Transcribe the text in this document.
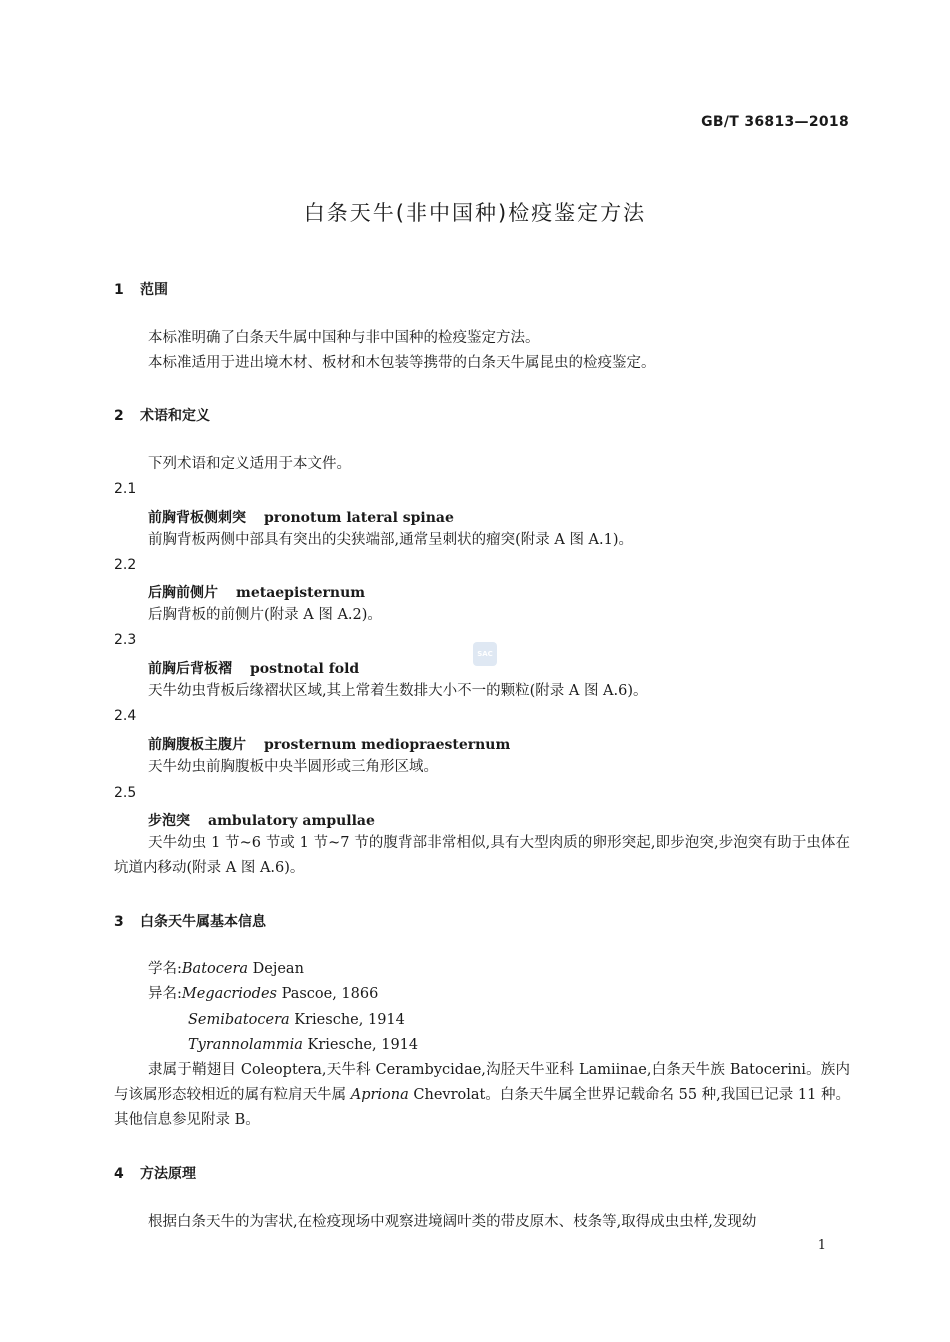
GB/T 36813—2018
白条天牛(非中国种)检疫鉴定方法
SAC
1 范围
本标准明确了白条天牛属中国种与非中国种的检疫鉴定方法。
本标准适用于进出境木材、板材和木包装等携带的白条天牛属昆虫的检疫鉴定。
2 术语和定义
下列术语和定义适用于本文件。
2.1
前胸背板侧刺突 pronotum lateral spinae
前胸背板两侧中部具有突出的尖狭端部,通常呈刺状的瘤突(附录 A 图 A.1)。
2.2
后胸前侧片 metaepisternum
后胸背板的前侧片(附录 A 图 A.2)。
2.3
前胸后背板褶 postnotal fold
天牛幼虫背板后缘褶状区域,其上常着生数排大小不一的颗粒(附录 A 图 A.6)。
2.4
前胸腹板主腹片 prosternum mediopraesternum
天牛幼虫前胸腹板中央半圆形或三角形区域。
2.5
步泡突 ambulatory ampullae
天牛幼虫 1 节~6 节或 1 节~7 节的腹背部非常相似,具有大型肉质的卵形突起,即步泡突,步泡突有助于虫体在坑道内移动(附录 A 图 A.6)。
3 白条天牛属基本信息
学名:Batocera Dejean
异名:Megacriodes Pascoe, 1866
Semibatocera Kriesche, 1914
Tyrannolammia Kriesche, 1914
隶属于鞘翅目 Coleoptera,天牛科 Cerambycidae,沟胫天牛亚科 Lamiinae,白条天牛族 Batocerini。族内与该属形态较相近的属有粒肩天牛属 Apriona Chevrolat。白条天牛属全世界记载命名 55 种,我国已记录 11 种。其他信息参见附录 B。
4 方法原理
根据白条天牛的为害状,在检疫现场中观察进境阔叶类的带皮原木、枝条等,取得成虫虫样,发现幼
1
